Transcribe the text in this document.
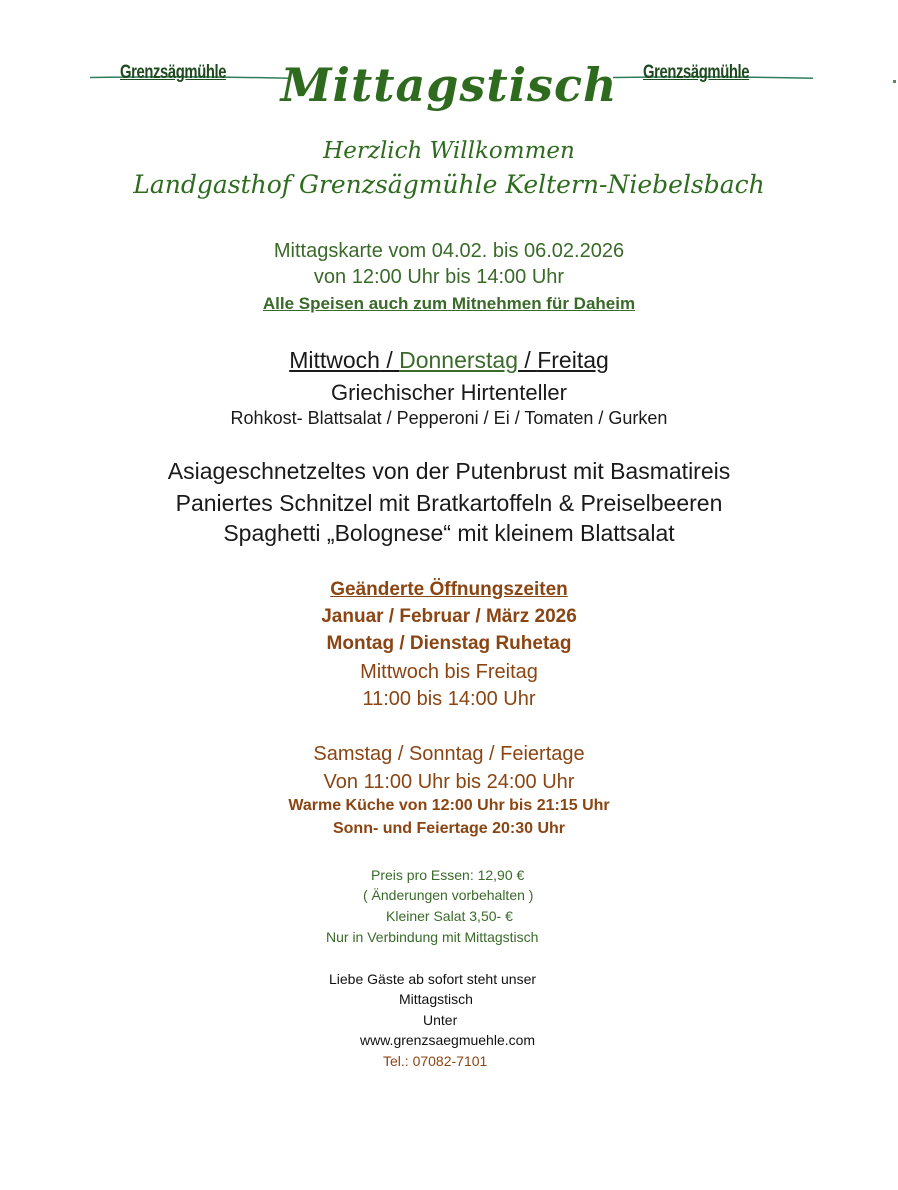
Grenzsägmühle	Grenzsägmühle
Mittagstisch
Herzlich Willkommen
Landgasthof Grenzsägmühle Keltern-Niebelsbach
Mittagskarte vom 04.02. bis 06.02.2026
von 12:00 Uhr bis 14:00 Uhr
Alle Speisen auch zum Mitnehmen für Daheim
Mittwoch / Donnerstag / Freitag
Griechischer Hirtenteller
Rohkost- Blattsalat / Pepperoni / Ei / Tomaten / Gurken
Asiageschnetzeltes von der Putenbrust mit Basmatireis
Paniertes Schnitzel mit Bratkartoffeln & Preiselbeeren
Spaghetti „Bolognese“ mit kleinem Blattsalat
Geänderte Öffnungszeiten
Januar / Februar / März 2026
Montag / Dienstag Ruhetag
Mittwoch bis Freitag
11:00 bis 14:00 Uhr
Samstag / Sonntag / Feiertage
Von 11:00 Uhr bis 24:00 Uhr
Warme Küche von 12:00 Uhr bis 21:15 Uhr
Sonn- und Feiertage 20:30 Uhr
Preis pro Essen: 12,90 €
( Änderungen vorbehalten )
Kleiner Salat 3,50- €
Nur in Verbindung mit Mittagstisch
Liebe Gäste ab sofort steht unser
Mittagstisch
Unter
www.grenzsaegmuehle.com
Tel.: 07082-7101
